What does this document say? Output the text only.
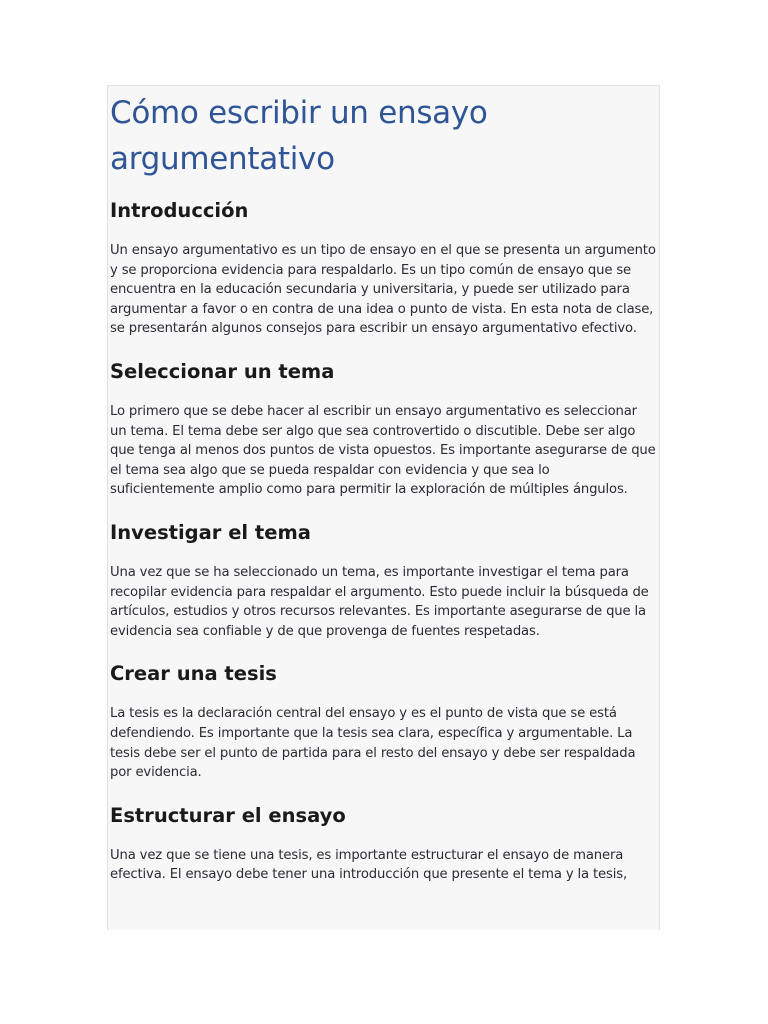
Cómo escribir un ensayo argumentativo
Introducción

Un ensayo argumentativo es un tipo de ensayo en el que se presenta un argumento y se proporciona evidencia para respaldarlo. Es un tipo común de ensayo que se encuentra en la educación secundaria y universitaria, y puede ser utilizado para argumentar a favor o en contra de una idea o punto de vista. En esta nota de clase, se presentarán algunos consejos para escribir un ensayo argumentativo efectivo.

Seleccionar un tema

Lo primero que se debe hacer al escribir un ensayo argumentativo es seleccionar un tema. El tema debe ser algo que sea controvertido o discutible. Debe ser algo que tenga al menos dos puntos de vista opuestos. Es importante asegurarse de que el tema sea algo que se pueda respaldar con evidencia y que sea lo suficientemente amplio como para permitir la exploración de múltiples ángulos.

Investigar el tema

Una vez que se ha seleccionado un tema, es importante investigar el tema para recopilar evidencia para respaldar el argumento. Esto puede incluir la búsqueda de artículos, estudios y otros recursos relevantes. Es importante asegurarse de que la evidencia sea confiable y de que provenga de fuentes respetadas.

Crear una tesis

La tesis es la declaración central del ensayo y es el punto de vista que se está defendiendo. Es importante que la tesis sea clara, específica y argumentable. La tesis debe ser el punto de partida para el resto del ensayo y debe ser respaldada por evidencia.

Estructurar el ensayo

Una vez que se tiene una tesis, es importante estructurar el ensayo de manera efectiva. El ensayo debe tener una introducción que presente el tema y la tesis,
